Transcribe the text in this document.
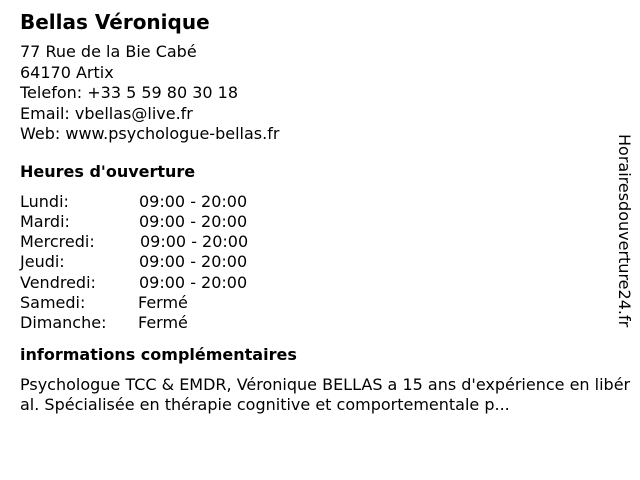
Bellas Véronique
77 Rue de la Bie Cabé
64170 Artix
Telefon: +33 5 59 80 30 18
Email: vbellas@live.fr
Web: www.psychologue-bellas.fr
Heures d'ouverture
Lundi:	09:00 - 20:00
Mardi:	09:00 - 20:00
Mercredi:	09:00 - 20:00
Jeudi:	09:00 - 20:00
Vendredi:	09:00 - 20:00
Samedi:	Fermé
Dimanche: Fermé
informations complémentaires
Psychologue TCC & EMDR, Véronique BELLAS a 15 ans d'expérience en libéral. Spécialisée en thérapie cognitive et comportementale p...
Horairesdouverture24.fr
